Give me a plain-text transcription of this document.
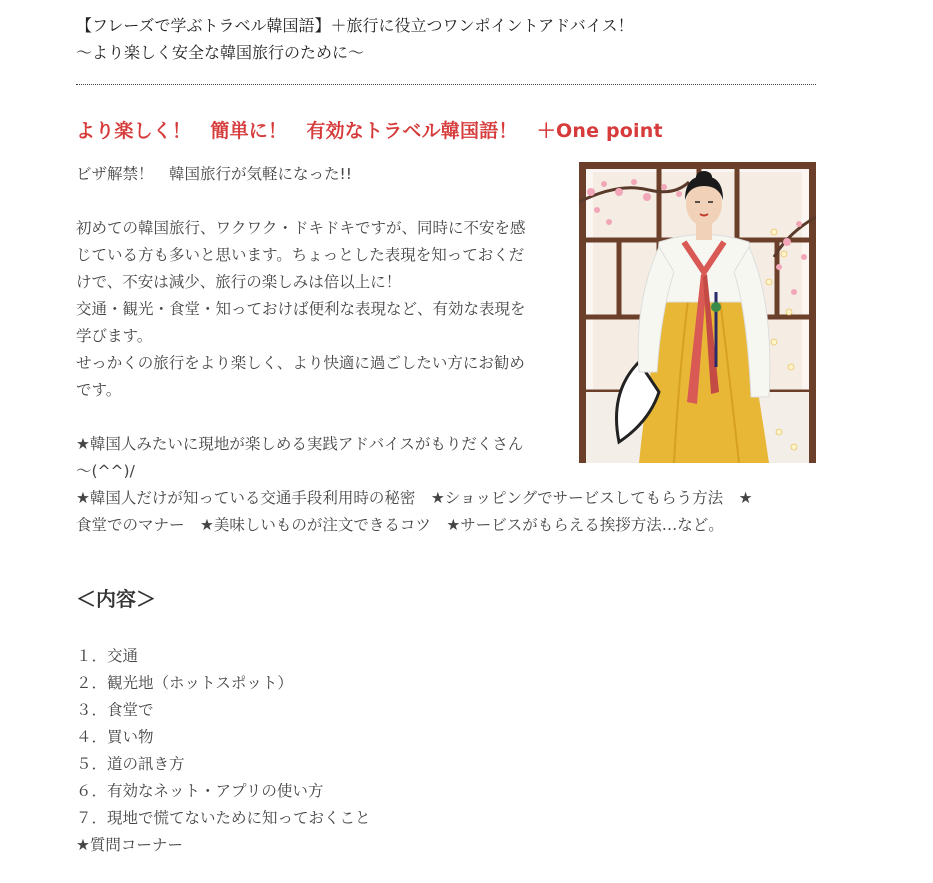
【フレーズで学ぶトラベル韓国語】＋旅行に役立つワンポイントアドバイス！
～より楽しく安全な韓国旅行のために～
より楽しく！　簡単に！　有効なトラベル韓国語！　＋One point
ビザ解禁！　韓国旅行が気軽になった!!
初めての韓国旅行、ワクワク・ドキドキですが、同時に不安を感
じている方も多いと思います。ちょっとした表現を知っておくだ
けで、不安は減少、旅行の楽しみは倍以上に！
交通・観光・食堂・知っておけば便利な表現など、有効な表現を
学びます。
せっかくの旅行をより楽しく、より快適に過ごしたい方にお勧め
です。
★韓国人みたいに現地が楽しめる実践アドバイスがもりだくさん
～(^^)/
★韓国人だけが知っている交通手段利用時の秘密　★ショッピングでサービスしてもらう方法　★
食堂でのマナー　★美味しいものが注文できるコツ　★サービスがもらえる挨拶方法…など。
＜内容＞
１．交通
２．観光地（ホットスポット）
３．食堂で
４．買い物
５．道の訊き方
６．有効なネット・アプリの使い方
７．現地で慌てないために知っておくこと
★質問コーナー
